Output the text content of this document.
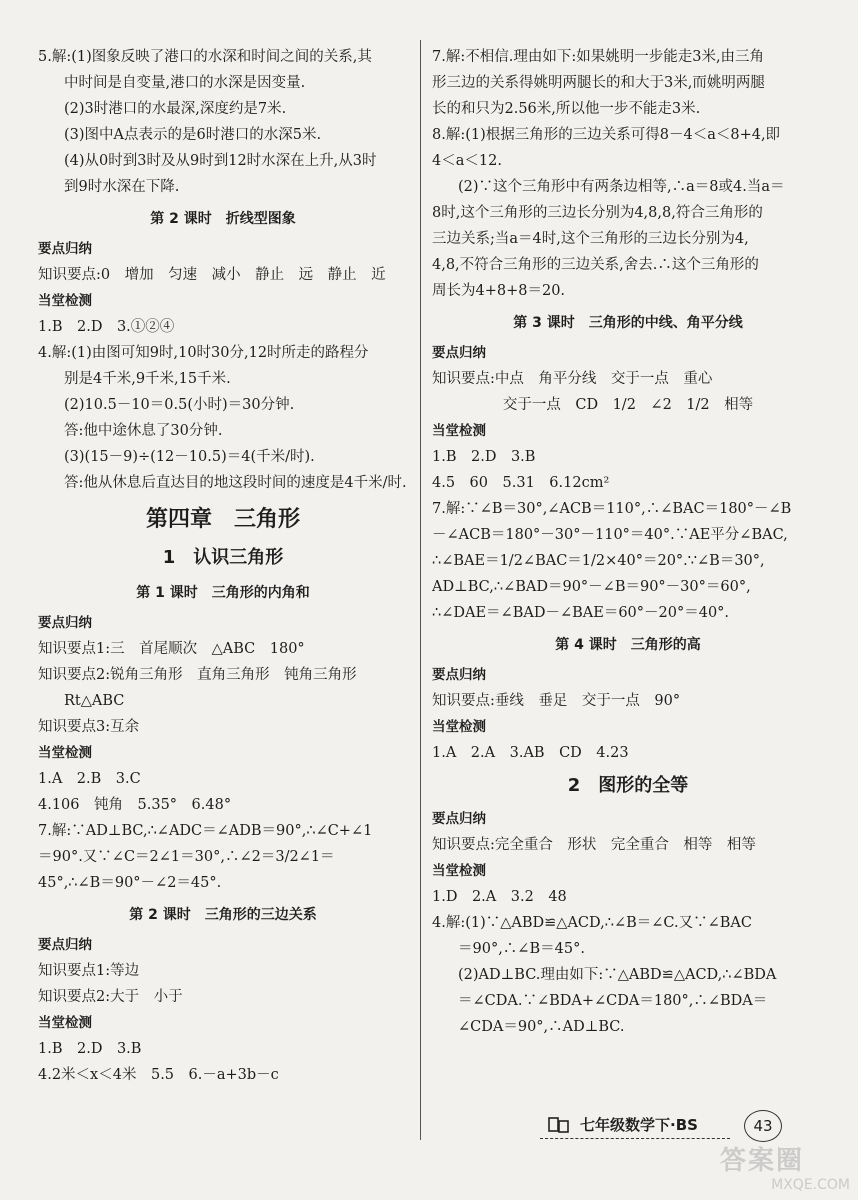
5.解:(1)图象反映了港口的水深和时间之间的关系,其
中时间是自变量,港口的水深是因变量.
(2)3时港口的水最深,深度约是7米.
(3)图中A点表示的是6时港口的水深5米.
(4)从0时到3时及从9时到12时水深在上升,从3时
到9时水深在下降.
第 2 课时　折线型图象
要点归纳
知识要点:0　增加　匀速　减小　静止　远　静止　近
当堂检测
1.B　2.D　3.①②④
4.解:(1)由图可知9时,10时30分,12时所走的路程分
别是4千米,9千米,15千米.
(2)10.5－10＝0.5(小时)＝30分钟.
答:他中途休息了30分钟.
(3)(15－9)÷(12－10.5)＝4(千米/时).
答:他从休息后直达目的地这段时间的速度是4千米/时.
第四章　三角形
1　认识三角形
第 1 课时　三角形的内角和
要点归纳
知识要点1:三　首尾顺次　△ABC　180°
知识要点2:锐角三角形　直角三角形　钝角三角形
Rt△ABC
知识要点3:互余
当堂检测
1.A　2.B　3.C
4.106　钝角　5.35°　6.48°
7.解:∵AD⊥BC,∴∠ADC＝∠ADB＝90°,∴∠C+∠1
＝90°.又∵∠C＝2∠1＝30°,∴∠2＝3/2∠1＝
45°,∴∠B＝90°－∠2＝45°.
第 2 课时　三角形的三边关系
要点归纳
知识要点1:等边
知识要点2:大于　小于
当堂检测
1.B　2.D　3.B
4.2米＜x＜4米　5.5　6.－a+3b－c
7.解:不相信.理由如下:如果姚明一步能走3米,由三角
形三边的关系得姚明两腿长的和大于3米,而姚明两腿
长的和只为2.56米,所以他一步不能走3米.
8.解:(1)根据三角形的三边关系可得8－4＜a＜8+4,即
4＜a＜12.
(2)∵这个三角形中有两条边相等,∴a＝8或4.当a＝
8时,这个三角形的三边长分别为4,8,8,符合三角形的
三边关系;当a＝4时,这个三角形的三边长分别为4,
4,8,不符合三角形的三边关系,舍去.∴这个三角形的
周长为4+8+8＝20.
第 3 课时　三角形的中线、角平分线
要点归纳
知识要点:中点　角平分线　交于一点　重心
交于一点　CD　1/2　∠2　1/2　相等
当堂检测
1.B　2.D　3.B
4.5　60　5.31　6.12cm²
7.解:∵∠B＝30°,∠ACB＝110°,∴∠BAC＝180°－∠B
－∠ACB＝180°－30°－110°＝40°.∵AE平分∠BAC,
∴∠BAE＝1/2∠BAC＝1/2×40°＝20°.∵∠B＝30°,
AD⊥BC,∴∠BAD＝90°－∠B＝90°－30°＝60°,
∴∠DAE＝∠BAD－∠BAE＝60°－20°＝40°.
第 4 课时　三角形的高
要点归纳
知识要点:垂线　垂足　交于一点　90°
当堂检测
1.A　2.A　3.AB　CD　4.23
2　图形的全等
要点归纳
知识要点:完全重合　形状　完全重合　相等　相等
当堂检测
1.D　2.A　3.2　48
4.解:(1)∵△ABD≌△ACD,∴∠B＝∠C.又∵∠BAC
＝90°,∴∠B＝45°.
(2)AD⊥BC.理由如下:∵△ABD≌△ACD,∴∠BDA
＝∠CDA.∵∠BDA+∠CDA＝180°,∴∠BDA＝
∠CDA＝90°,∴AD⊥BC.
七年级数学下·BS	43
答案圈
MXQE.COM
